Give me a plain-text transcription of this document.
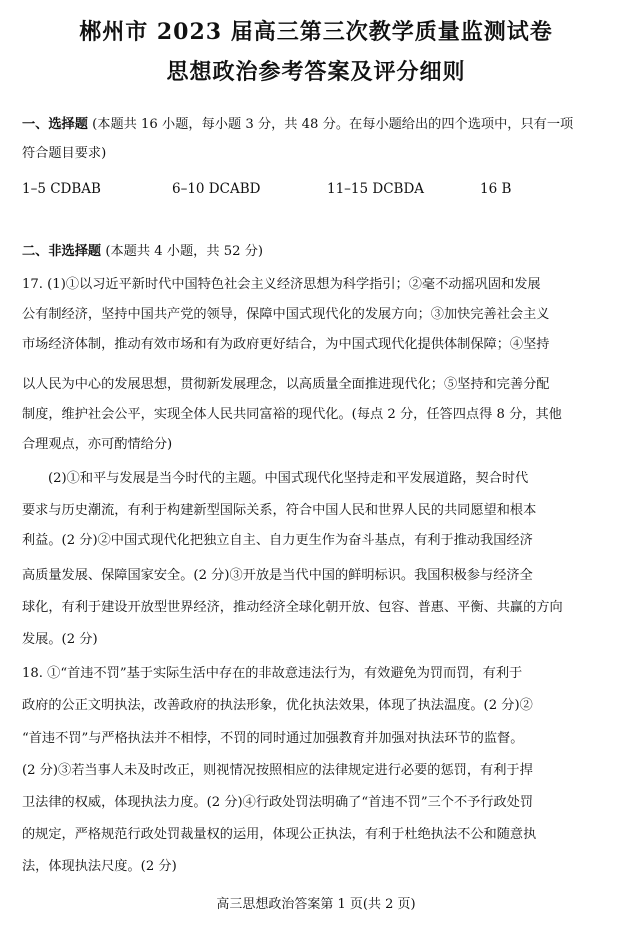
郴州市 2023 届高三第三次教学质量监测试卷
思想政治参考答案及评分细则
一、选择题 (本题共 16 小题，每小题 3 分，共 48 分。在每小题给出的四个选项中，只有一项
符合题目要求)
1–5 CDBAB	6–10 DCABD	11–15 DCBDA	16 B
二、非选择题 (本题共 4 小题，共 52 分)
17. (1)①以习近平新时代中国特色社会主义经济思想为科学指引；②毫不动摇巩固和发展
公有制经济，坚持中国共产党的领导，保障中国式现代化的发展方向；③加快完善社会主义
市场经济体制，推动有效市场和有为政府更好结合，为中国式现代化提供体制保障；④坚持
以人民为中心的发展思想，贯彻新发展理念，以高质量全面推进现代化；⑤坚持和完善分配
制度，维护社会公平，实现全体人民共同富裕的现代化。(每点 2 分，任答四点得 8 分，其他
合理观点，亦可酌情给分)
(2)①和平与发展是当今时代的主题。中国式现代化坚持走和平发展道路，契合时代
要求与历史潮流，有利于构建新型国际关系，符合中国人民和世界人民的共同愿望和根本
利益。(2 分)②中国式现代化把独立自主、自力更生作为奋斗基点，有利于推动我国经济
高质量发展、保障国家安全。(2 分)③开放是当代中国的鲜明标识。我国积极参与经济全
球化，有利于建设开放型世界经济，推动经济全球化朝开放、包容、普惠、平衡、共赢的方向
发展。(2 分)
18. ①“首违不罚”基于实际生活中存在的非故意违法行为，有效避免为罚而罚，有利于
政府的公正文明执法，改善政府的执法形象，优化执法效果，体现了执法温度。(2 分)②
“首违不罚”与严格执法并不相悖，不罚的同时通过加强教育并加强对执法环节的监督。
(2 分)③若当事人未及时改正，则视情况按照相应的法律规定进行必要的惩罚，有利于捍
卫法律的权威，体现执法力度。(2 分)④行政处罚法明确了“首违不罚”三个不予行政处罚
的规定，严格规范行政处罚裁量权的运用，体现公正执法，有利于杜绝执法不公和随意执
法，体现执法尺度。(2 分)
高三思想政治答案第 1 页(共 2 页)
